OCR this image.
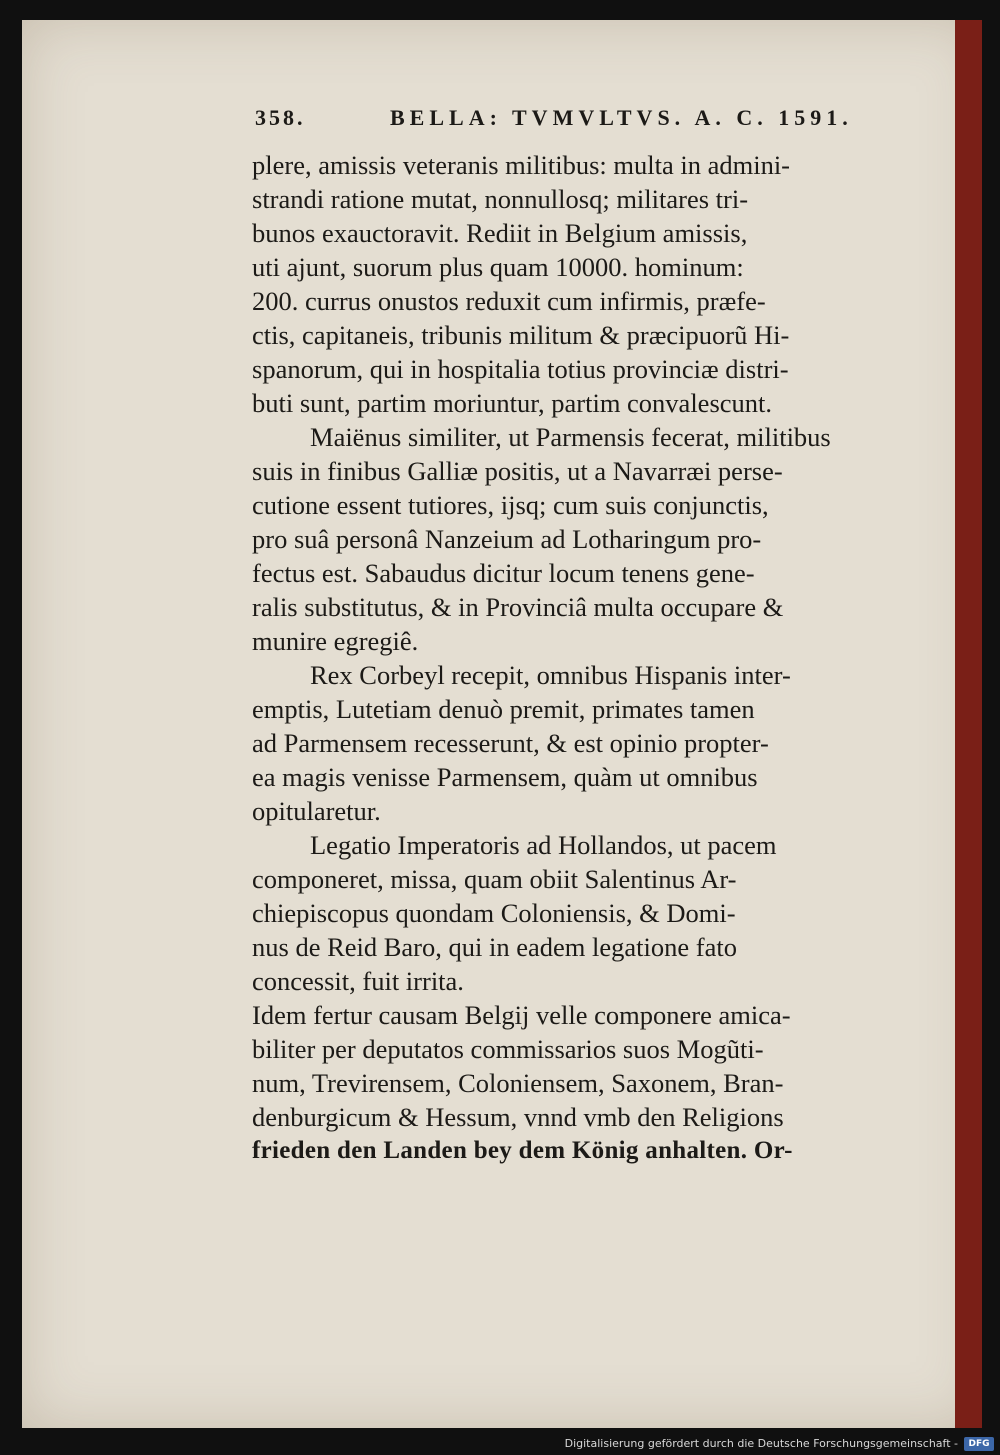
358.	BELLA: TVMVLTVS. A. C. 1591.
plere, amissis veteranis militibus: multa in admini-
strandi ratione mutat, nonnullosq; militares tri-
bunos exauctoravit. Rediit in Belgium amissis,
uti ajunt, suorum plus quam 10000. hominum:
200. currus onustos reduxit cum infirmis, præfe-
ctis, capitaneis, tribunis militum & præcipuorũ Hi-
spanorum, qui in hospitalia totius provinciæ distri-
buti sunt, partim moriuntur, partim convalescunt.
Maiënus similiter, ut Parmensis fecerat, militibus
suis in finibus Galliæ positis, ut a Navarræi perse-
cutione essent tutiores, ijsq; cum suis conjunctis,
pro suâ personâ Nanzeium ad Lotharingum pro-
fectus est. Sabaudus dicitur locum tenens gene-
ralis substitutus, & in Provinciâ multa occupare &
munire egregiê.
Rex Corbeyl recepit, omnibus Hispanis inter-
emptis, Lutetiam denuò premit, primates tamen
ad Parmensem recesserunt, & est opinio propter-
ea magis venisse Parmensem, quàm ut omnibus
opitularetur.
Legatio Imperatoris ad Hollandos, ut pacem
componeret, missa, quam obiit Salentinus Ar-
chiepiscopus quondam Coloniensis, & Domi-
nus de Reid Baro, qui in eadem legatione fato
concessit, fuit irrita.
Idem fertur causam Belgij velle componere amica-
biliter per deputatos commissarios suos Mogũti-
num, Trevirensem, Coloniensem, Saxonem, Bran-
denburgicum & Hessum, vnnd vmb den Religions
frieden den Landen bey dem König anhalten. Or-
Digitalisierung gefördert durch die Deutsche Forschungsgemeinschaft -	DFG
